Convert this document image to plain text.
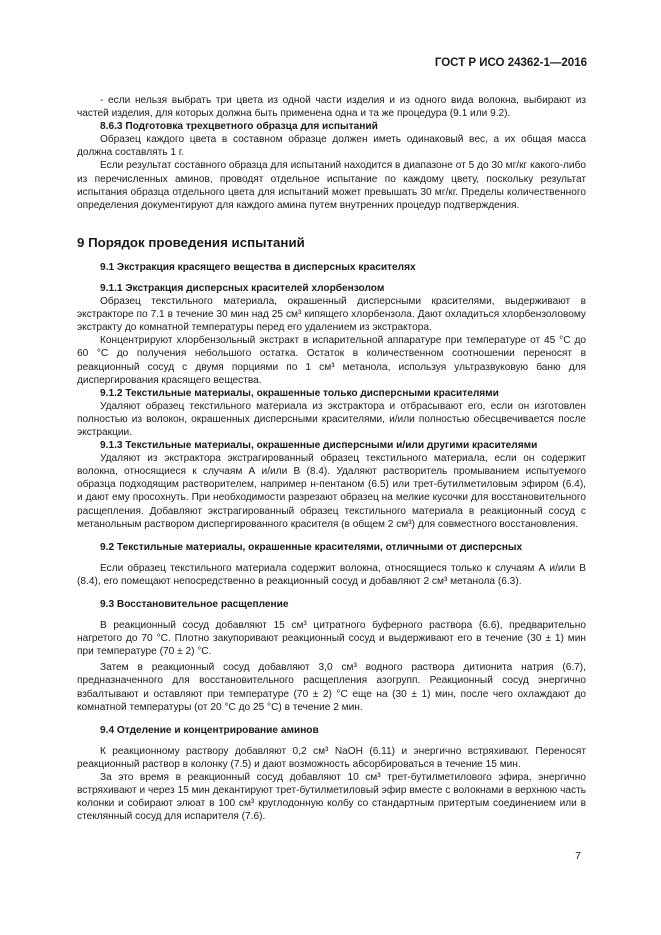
ГОСТ Р ИСО 24362-1—2016

- если нельзя выбрать три цвета из одной части изделия и из одного вида волокна, выбирают из частей изделия, для которых должна быть применена одна и та же процедура (9.1 или 9.2).

8.6.3 Подготовка трехцветного образца для испытаний

Образец каждого цвета в составном образце должен иметь одинаковый вес, а их общая масса должна составлять 1 г.

Если результат составного образца для испытаний находится в диапазоне от 5 до 30 мг/кг какого-либо из перечисленных аминов, проводят отдельное испытание по каждому цвету, поскольку результат испытания образца отдельного цвета для испытаний может превышать 30 мг/кг. Пределы количественного определения документируют для каждого амина путем внутренних процедур подтверждения.

9 Порядок проведения испытаний

9.1 Экстракция красящего вещества в дисперсных красителях

9.1.1 Экстракция дисперсных красителей хлорбензолом

Образец текстильного материала, окрашенный дисперсными красителями, выдерживают в экстракторе по 7.1 в течение 30 мин над 25 см³ кипящего хлорбензола. Дают охладиться хлорбензоловому экстракту до комнатной температуры перед его удалением из экстрактора.

Концентрируют хлорбензольный экстракт в испарительной аппаратуре при температуре от 45 °С до 60 °С до получения небольшого остатка. Остаток в количественном соотношении переносят в реакционный сосуд с двумя порциями по 1 см³ метанола, используя ультразвуковую баню для диспергирования красящего вещества.

9.1.2 Текстильные материалы, окрашенные только дисперсными красителями

Удаляют образец текстильного материала из экстрактора и отбрасывают его, если он изготовлен полностью из волокон, окрашенных дисперсными красителями, и/или полностью обесцвечивается после экстракции.

9.1.3 Текстильные материалы, окрашенные дисперсными и/или другими красителями

Удаляют из экстрактора экстрагированный образец текстильного материала, если он содержит волокна, относящиеся к случаям А и/или В (8.4). Удаляют растворитель промыванием испытуемого образца подходящим растворителем, например н-пентаном (6.5) или трет-бутилметиловым эфиром (6.4), и дают ему просохнуть. При необходимости разрезают образец на мелкие кусочки для восстановительного расщепления. Добавляют экстрагированный образец текстильного материала в реакционный сосуд с метанольным раствором диспергированного красителя (в общем 2 см³) для совместного восстановления.

9.2 Текстильные материалы, окрашенные красителями, отличными от дисперсных

Если образец текстильного материала содержит волокна, относящиеся только к случаям А и/или В (8.4), его помещают непосредственно в реакционный сосуд и добавляют 2 см³ метанола (6.3).

9.3 Восстановительное расщепление

В реакционный сосуд добавляют 15 см³ цитратного буферного раствора (6.6), предварительно нагретого до 70 °С. Плотно закупоривают реакционный сосуд и выдерживают его в течение (30 ± 1) мин при температуре (70 ± 2) °С.

Затем в реакционный сосуд добавляют 3,0 см³ водного раствора дитионита натрия (6.7), предназначенного для восстановительного расщепления азогрупп. Реакционный сосуд энергично взбалтывают и оставляют при температуре (70 ± 2) °С еще на (30 ± 1) мин, после чего охлаждают до комнатной температуры (от 20 °С до 25 °С) в течение 2 мин.

9.4 Отделение и концентрирование аминов

К реакционному раствору добавляют 0,2 см³ NaOH (6.11) и энергично встряхивают. Переносят реакционный раствор в колонку (7.5) и дают возможность абсорбироваться в течение 15 мин.

За это время в реакционный сосуд добавляют 10 см³ трет-бутилметилового эфира, энергично встряхивают и через 15 мин декантируют трет-бутилметиловый эфир вместе с волокнами в верхнюю часть колонки и собирают элюат в 100 см³ круглодонную колбу со стандартным притертым соединением или в стеклянный сосуд для испарителя (7.6).

7
